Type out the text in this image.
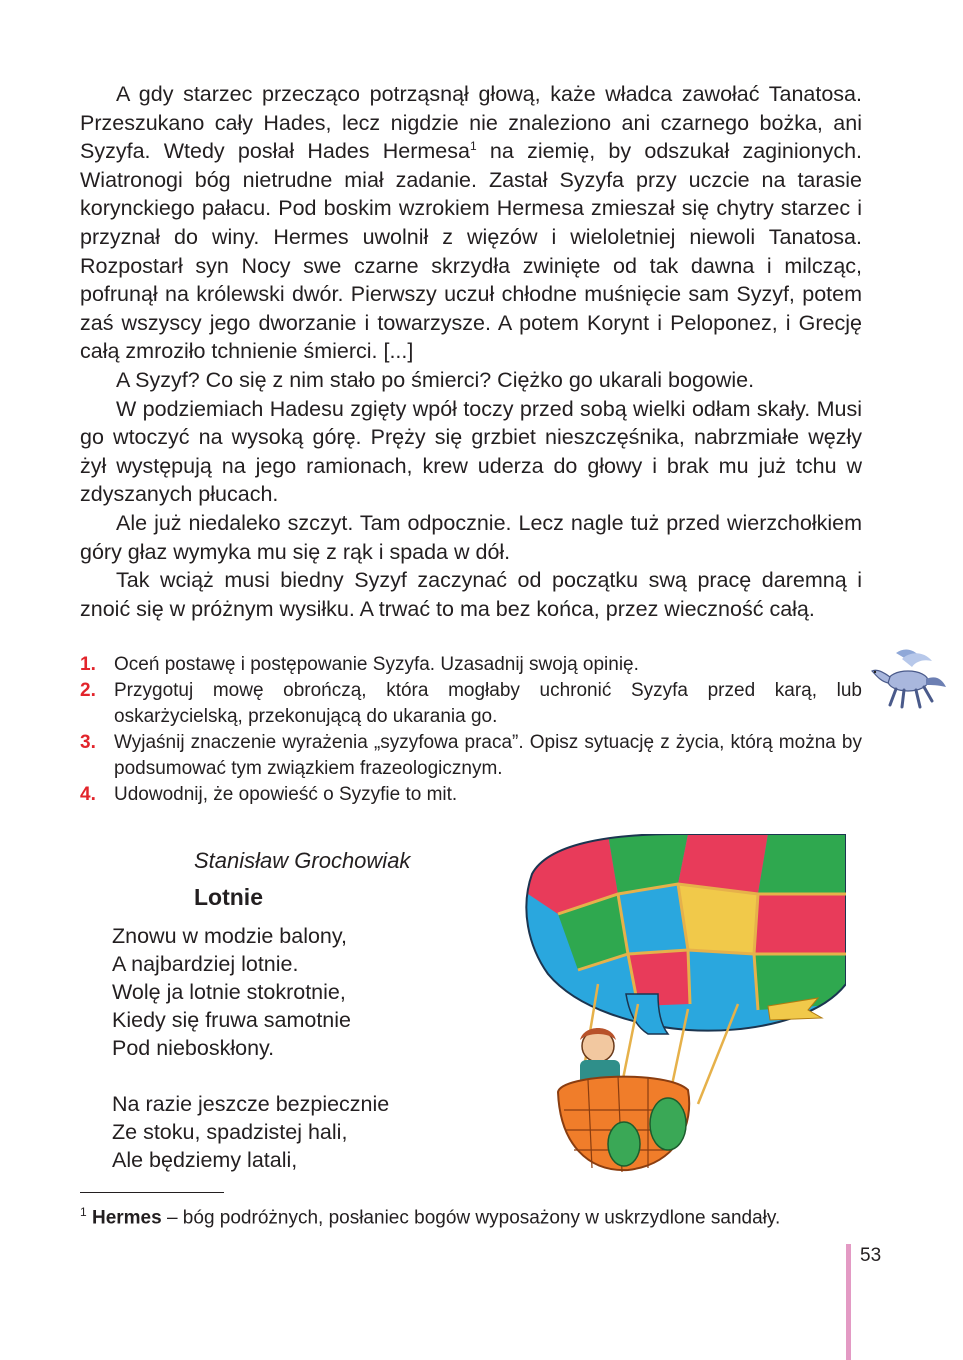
A gdy starzec przecząco potrząsnął głową, każe władca zawołać Tanatosa. Przeszukano cały Hades, lecz nigdzie nie znaleziono ani czarnego bożka, ani Syzyfa. Wtedy posłał Hades Hermesa$^1$ na ziemię, by odszukał zaginionych. Wiatronogi bóg nietrudne miał zadanie. Zastał Syzyfa przy uczcie na tarasie korynckiego pałacu. Pod boskim wzrokiem Hermesa zmieszał się chytry starzec i przyznał do winy. Hermes uwolnił z więzów i wieloletniej niewoli Tanatosa. Rozpostarł syn Nocy swe czarne skrzydła zwinięte od tak dawna i milcząc, pofrunął na królewski dwór. Pierwszy uczuł chłodne muśnięcie sam Syzyf, potem zaś wszyscy jego dworzanie i towarzysze. A potem Korynt i Peloponez, i Grecję całą zmroziło tchnienie śmierci. [...]

A Syzyf? Co się z nim stało po śmierci? Ciężko go ukarali bogowie.

W podziemiach Hadesu zgięty wpół toczy przed sobą wielki odłam skały. Musi go wtoczyć na wysoką górę. Pręży się grzbiet nieszczęśnika, nabrzmiałe węzły żył występują na jego ramionach, krew uderza do głowy i brak mu już tchu w zdyszanych płucach.

Ale już niedaleko szczyt. Tam odpocznie. Lecz nagle tuż przed wierzchołkiem góry głaz wymyka mu się z rąk i spada w dół.

Tak wciąż musi biedny Syzyf zaczynać od początku swą pracę daremną i znoić się w próżnym wysiłku. A trwać to ma bez końca, przez wieczność całą.

1. Oceń postawę i postępowanie Syzyfa. Uzasadnij swoją opinię.
2. Przygotuj mowę obrończą, która mogłaby uchronić Syzyfa przed karą, lub oskarżycielską, przekonującą do ukarania go.
3. Wyjaśnij znaczenie wyrażenia „syzyfowa praca”. Opisz sytuację z życia, którą można by podsumować tym związkiem frazeologicznym.
4. Udowodnij, że opowieść o Syzyfie to mit.
Stanisław Grochowiak
Lotnie
Znowu w modzie balony,
A najbardziej lotnie.
Wolę ja lotnie stokrotnie,
Kiedy się fruwa samotnie
Pod nieboskłony.
Na razie jeszcze bezpiecznie
Ze stoku, spadzistej hali,
Ale będziemy latali,
$^1$ Hermes – bóg podróżnych, posłaniec bogów wyposażony w uskrzydlone sandały.
53
